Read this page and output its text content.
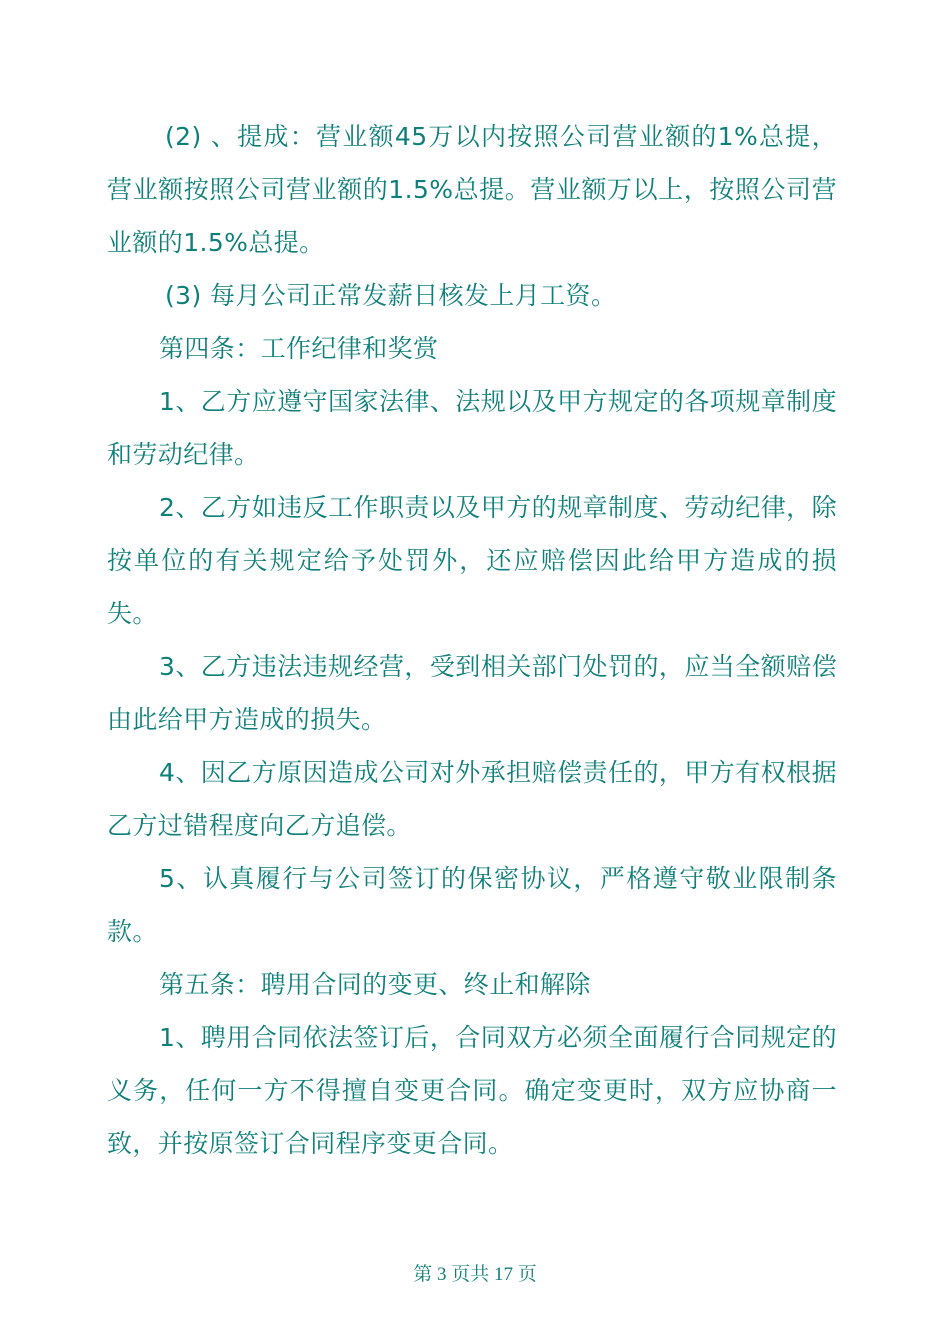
(2) 、提成：营业额45万以内按照公司营业额的1%总提，营业额按照公司营业额的1.5%总提。营业额万以上，按照公司营业额的1.5%总提。

(3) 每月公司正常发薪日核发上月工资。

第四条：工作纪律和奖赏

1、乙方应遵守国家法律、法规以及甲方规定的各项规章制度和劳动纪律。

2、乙方如违反工作职责以及甲方的规章制度、劳动纪律，除按单位的有关规定给予处罚外，还应赔偿因此给甲方造成的损失。

3、乙方违法违规经营，受到相关部门处罚的，应当全额赔偿由此给甲方造成的损失。

4、因乙方原因造成公司对外承担赔偿责任的，甲方有权根据乙方过错程度向乙方追偿。

5、认真履行与公司签订的保密协议，严格遵守敬业限制条款。

第五条：聘用合同的变更、终止和解除

1、聘用合同依法签订后，合同双方必须全面履行合同规定的义务，任何一方不得擅自变更合同。确定变更时，双方应协商一致，并按原签订合同程序变更合同。

第 3 页共 17 页
